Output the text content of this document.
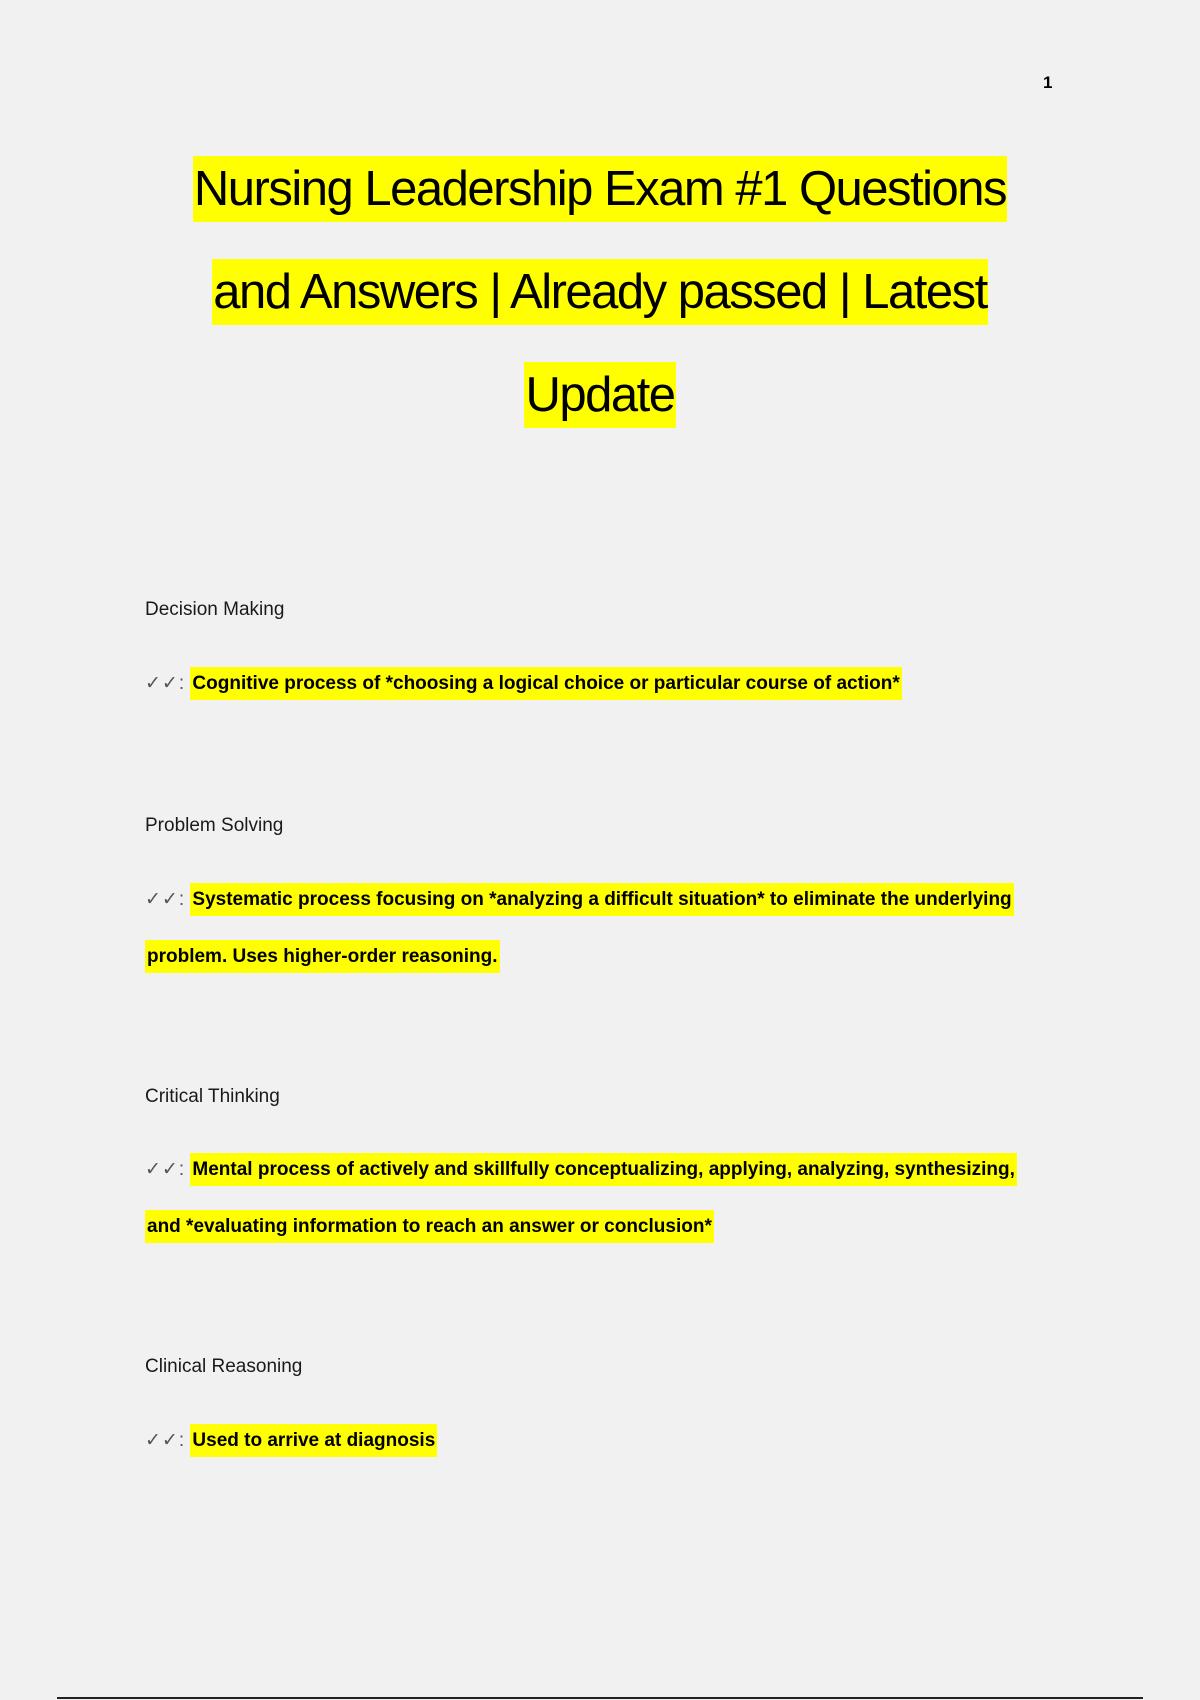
1
Nursing Leadership Exam #1 Questions
and Answers | Already passed | Latest
Update
Decision Making
✓✓: Cognitive process of *choosing a logical choice or particular course of action*
Problem Solving
✓✓: Systematic process focusing on *analyzing a difficult situation* to eliminate the underlying problem. Uses higher-order reasoning.
Critical Thinking
✓✓: Mental process of actively and skillfully conceptualizing, applying, analyzing, synthesizing, and *evaluating information to reach an answer or conclusion*
Clinical Reasoning
✓✓: Used to arrive at diagnosis
